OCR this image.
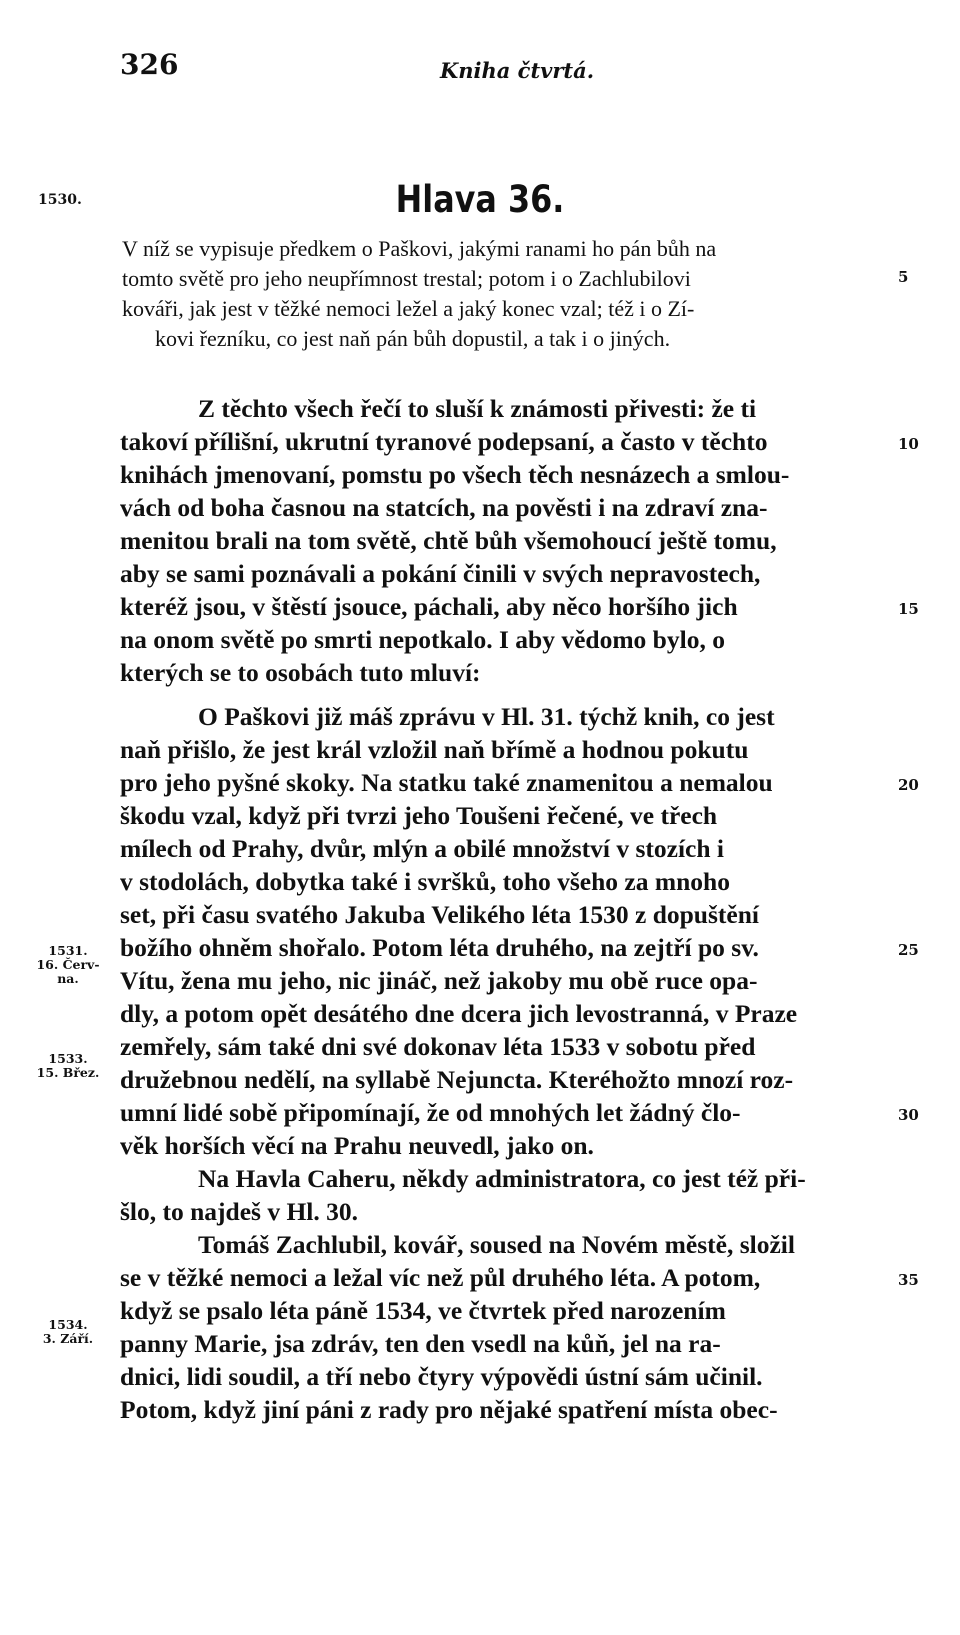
326	Kniha čtvrtá.
1530.	Hlava 36.
V níž se vypisuje předkem o Paškovi, jakými ranami ho pán bůh na
tomto světě pro jeho neupřímnost trestal; potom i o Zachlubilovi
kováři, jak jest v těžké nemoci ležel a jaký konec vzal; též i o Zí-
kovi řezníku, co jest naň pán bůh dopustil, a tak i o jiných.
Z těchto všech řečí to sluší k známosti přivesti: že ti
takoví přílišní, ukrutní tyranové podepsaní, a často v těchto
knihách jmenovaní, pomstu po všech těch nesnázech a smlou-
vách od boha časnou na statcích, na pověsti i na zdraví zna-
menitou brali na tom světě, chtě bůh všemohoucí ještě tomu,
aby se sami poznávali a pokání činili v svých nepravostech,
kteréž jsou, v štěstí jsouce, páchali, aby něco horšího jich
na onom světě po smrti nepotkalo. I aby vědomo bylo, o
kterých se to osobách tuto mluví:
O Paškovi již máš zprávu v Hl. 31. týchž knih, co jest
naň přišlo, že jest král vzložil naň břímě a hodnou pokutu
pro jeho pyšné skoky. Na statku také znamenitou a nemalou
škodu vzal, když při tvrzi jeho Toušeni řečené, ve třech
mílech od Prahy, dvůr, mlýn a obilé množství v stozích i
v stodolách, dobytka také i svršků, toho všeho za mnoho
set, při času svatého Jakuba Velikého léta 1530 z dopuštění
božího ohněm shořalo. Potom léta druhého, na zejtří po sv.
Vítu, žena mu jeho, nic jináč, než jakoby mu obě ruce opa-
dly, a potom opět desátého dne dcera jich levostranná, v Praze
zemřely, sám také dni své dokonav léta 1533 v sobotu před
družebnou nedělí, na syllabě Nejuncta. Kteréhožto mnozí roz-
umní lidé sobě připomínají, že od mnohých let žádný člo-
věk horších věcí na Prahu neuvedl, jako on.
Na Havla Caheru, někdy administratora, co jest též při-
šlo, to najdeš v Hl. 30.
Tomáš Zachlubil, kovář, soused na Novém městě, složil
se v těžké nemoci a ležal víc než půl druhého léta. A potom,
když se psalo léta páně 1534, ve čtvrtek před narozením
panny Marie, jsa zdráv, ten den vsedl na kůň, jel na ra-
dnici, lidi soudil, a tří nebo čtyry výpovědi ústní sám učinil.
Potom, když jiní páni z rady pro nějaké spatření místa obec-
5
10
15
20
25
30
35
1531.
16. Červ-
na.
1533.
15. Břez.
1534.
3. Září.
